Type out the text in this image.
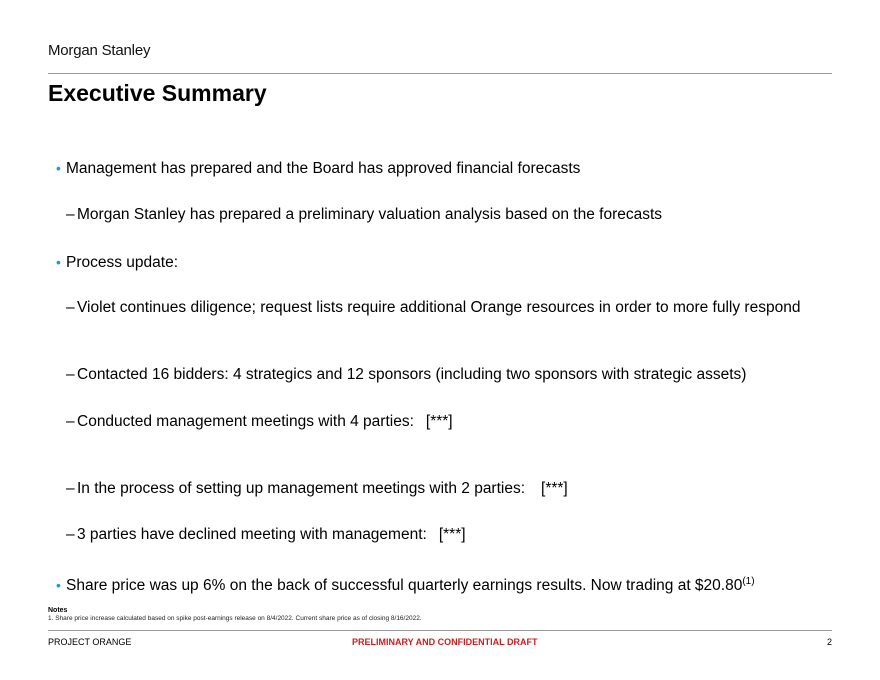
Morgan Stanley
Executive Summary
• Management has prepared and the Board has approved financial forecasts
– Morgan Stanley has prepared a preliminary valuation analysis based on the forecasts
• Process update:
– Violet continues diligence; request lists require additional Orange resources in order to more fully respond
– Contacted 16 bidders: 4 strategics and 12 sponsors (including two sponsors with strategic assets)
– Conducted management meetings with 4 parties: [***]
– In the process of setting up management meetings with 2 parties: [***]
– 3 parties have declined meeting with management: [***]
• Share price was up 6% on the back of successful quarterly earnings results. Now trading at $20.80$^{(1)}$
Notes
1. Share price increase calculated based on spike post-earnings release on 8/4/2022. Current share price as of closing 8/16/2022.
PROJECT ORANGE	PRELIMINARY AND CONFIDENTIAL DRAFT	2
